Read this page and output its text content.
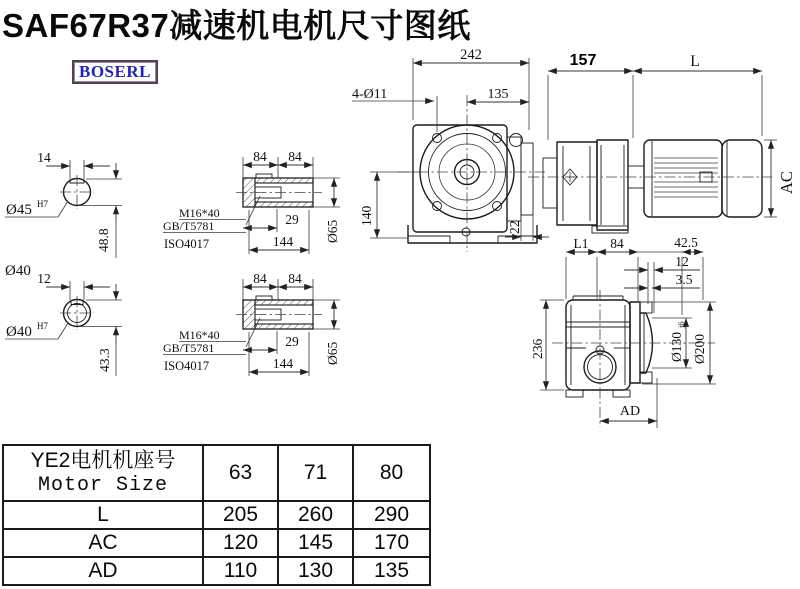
SAF67R37减速机电机尺寸图纸
BOSERL
14
Ø45 H7
48.8
Ø40 12
Ø40 H7
43.3
84 84
29
144 Ø65
M16*40
GB/T5781
ISO4017
84 84
29
144 Ø65
M16*40
GB/T5781
ISO4017
242
135
4-Ø11
140
22
157	L
AC
L1 84	42.5
12
3.5
236	Ø130
j6
Ø200
AD
YE2电机机座号
Motor Size	63	71	80
L	205	260	290
AC	120	145	170
AD	110	130	135
